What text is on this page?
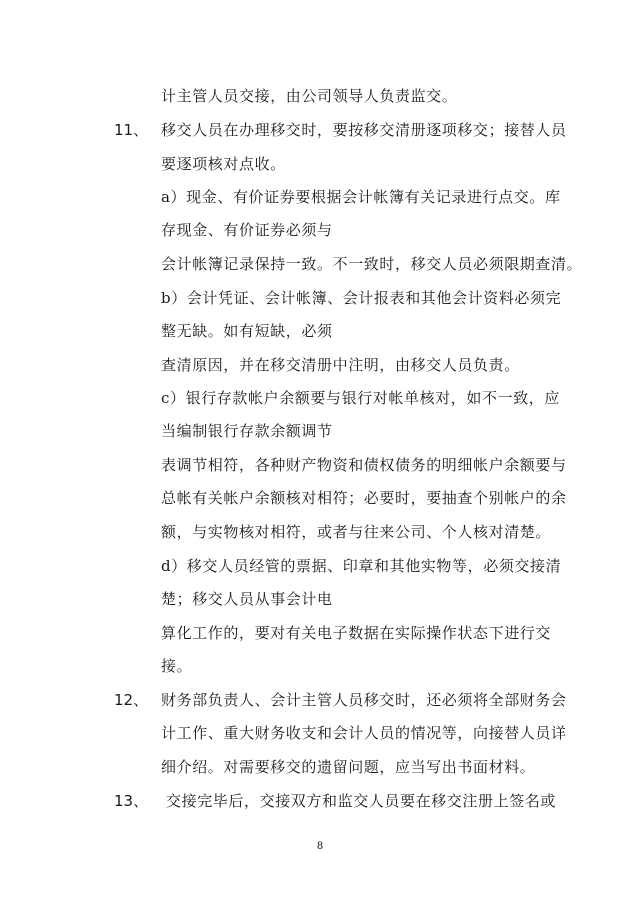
计主管人员交接，由公司领导人负责监交。
11、 移交人员在办理移交时，要按移交清册逐项移交；接替人员
要逐项核对点收。
a）现金、有价证券要根据会计帐簿有关记录进行点交。库
存现金、有价证券必须与
会计帐簿记录保持一致。不一致时，移交人员必须限期查清。
b）会计凭证、会计帐簿、会计报表和其他会计资料必须完
整无缺。如有短缺，必须
查清原因，并在移交清册中注明，由移交人员负责。
c）银行存款帐户余额要与银行对帐单核对，如不一致，应
当编制银行存款余额调节
表调节相符，各种财产物资和债权债务的明细帐户余额要与
总帐有关帐户余额核对相符；必要时，要抽查个别帐户的余
额，与实物核对相符，或者与往来公司、个人核对清楚。
d）移交人员经管的票据、印章和其他实物等，必须交接清
楚；移交人员从事会计电
算化工作的，要对有关电子数据在实际操作状态下进行交
接。
12、 财务部负责人、会计主管人员移交时，还必须将全部财务会
计工作、重大财务收支和会计人员的情况等，向接替人员详
细介绍。对需要移交的遗留问题，应当写出书面材料。
13、 交接完毕后，交接双方和监交人员要在移交注册上签名或
8
